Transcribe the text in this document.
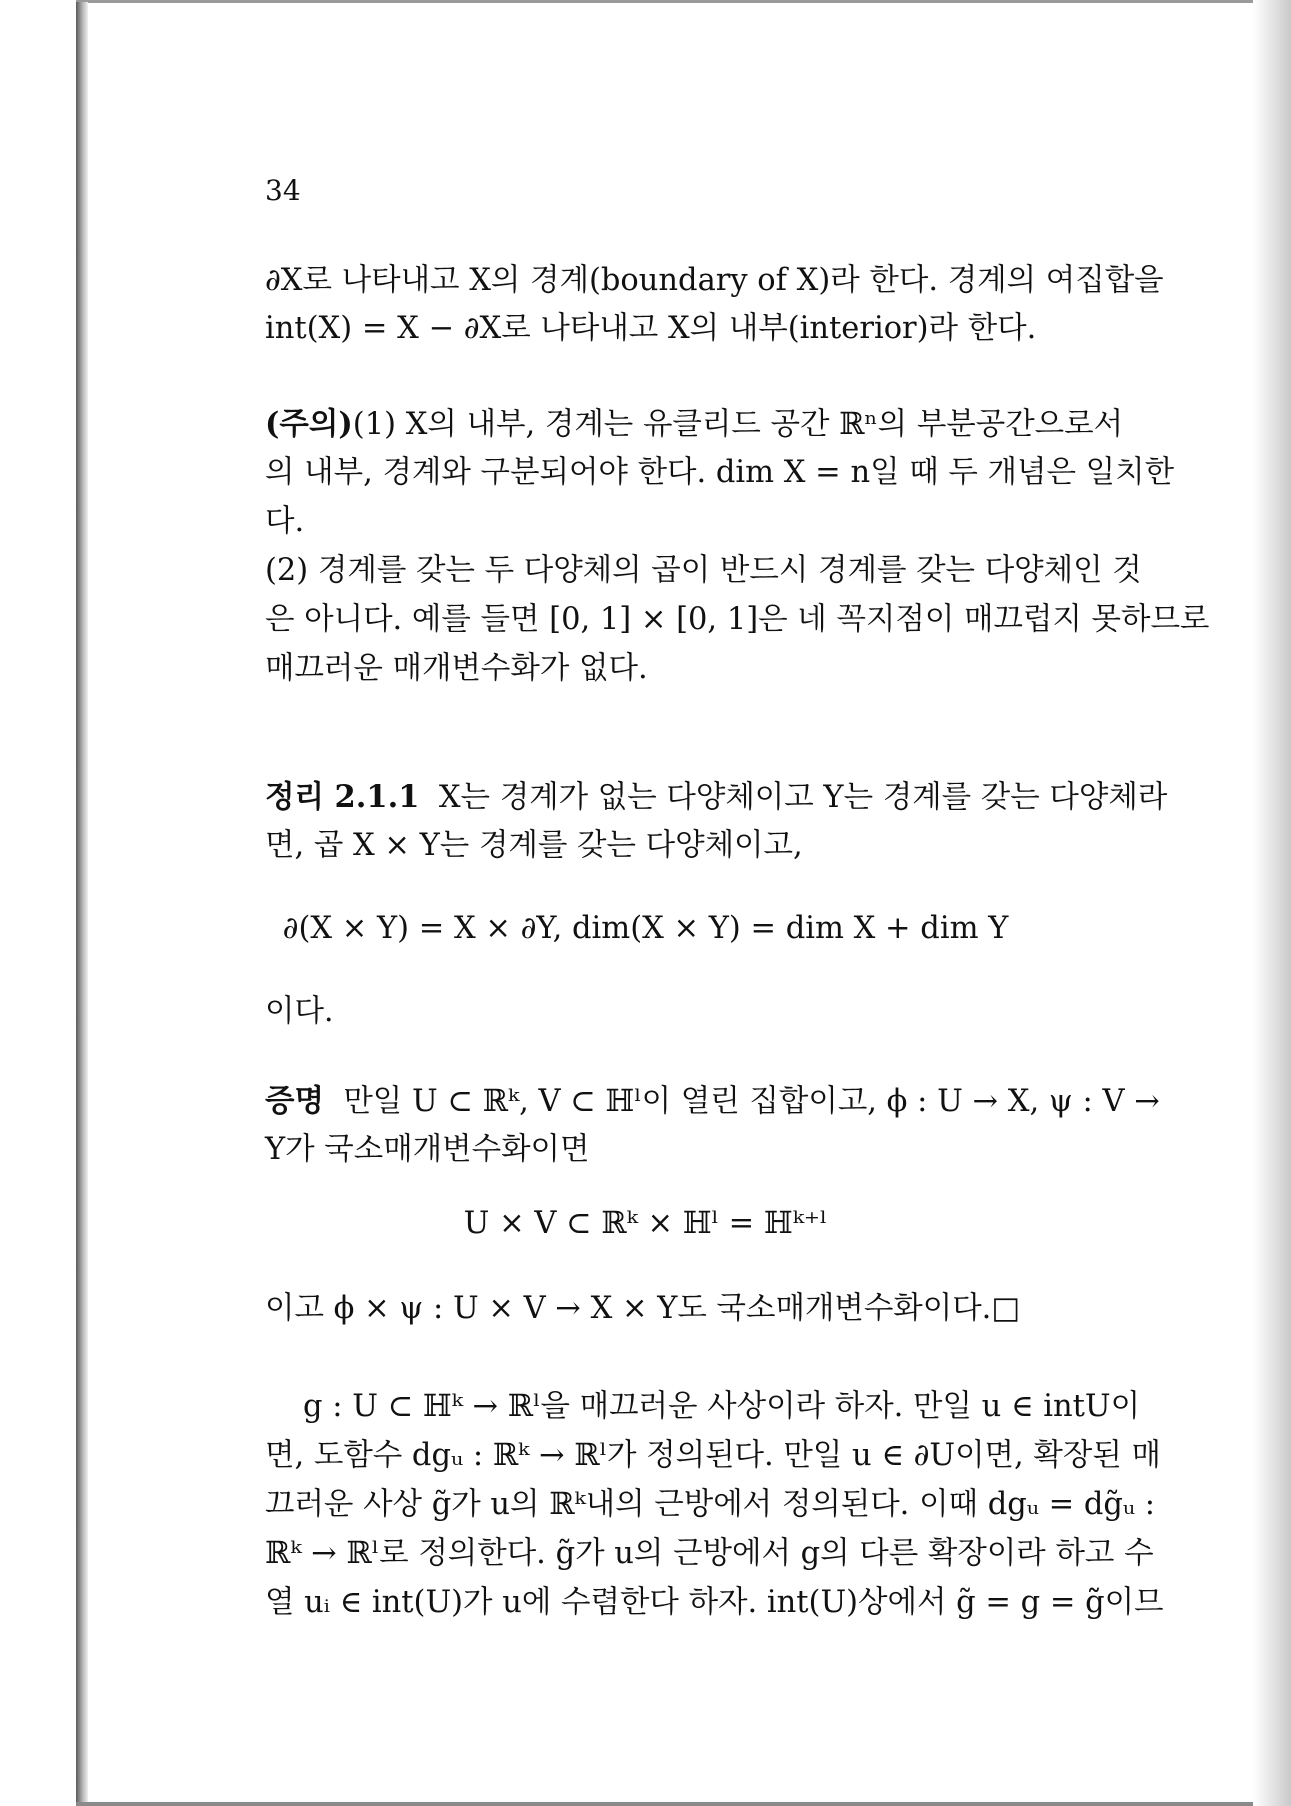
34
∂X로 나타내고 X의 경계(boundary of X)라 한다. 경계의 여집합을
int(X) = X − ∂X로 나타내고 X의 내부(interior)라 한다.
(주의)(1) X의 내부, 경계는 유클리드 공간 ℝⁿ의 부분공간으로서
의 내부, 경계와 구분되어야 한다. dim X = n일 때 두 개념은 일치한
다.
(2) 경계를 갖는 두 다양체의 곱이 반드시 경계를 갖는 다양체인 것
은 아니다. 예를 들면 [0, 1] × [0, 1]은 네 꼭지점이 매끄럽지 못하므로
매끄러운 매개변수화가 없다.
정리 2.1.1 X는 경계가 없는 다양체이고 Y는 경계를 갖는 다양체라
면, 곱 X × Y는 경계를 갖는 다양체이고,
∂(X × Y) = X × ∂Y, dim(X × Y) = dim X + dim Y
이다.
증명 만일 U ⊂ ℝᵏ, V ⊂ ℍˡ이 열린 집합이고, ϕ : U → X, ψ : V →
Y가 국소매개변수화이면
U × V ⊂ ℝᵏ × ℍˡ = ℍᵏ⁺ˡ
이고 ϕ × ψ : U × V → X × Y도 국소매개변수화이다.□
g : U ⊂ ℍᵏ → ℝˡ을 매끄러운 사상이라 하자. 만일 u ∈ intU이
면, 도함수 dgᵤ : ℝᵏ → ℝˡ가 정의된다. 만일 u ∈ ∂U이면, 확장된 매
끄러운 사상 g̃가 u의 ℝᵏ내의 근방에서 정의된다. 이때 dgᵤ = dg̃ᵤ :
ℝᵏ → ℝˡ로 정의한다. g̃가 u의 근방에서 g의 다른 확장이라 하고 수
열 uᵢ ∈ int(U)가 u에 수렴한다 하자. int(U)상에서 g̃ = g = g̃̃이므
